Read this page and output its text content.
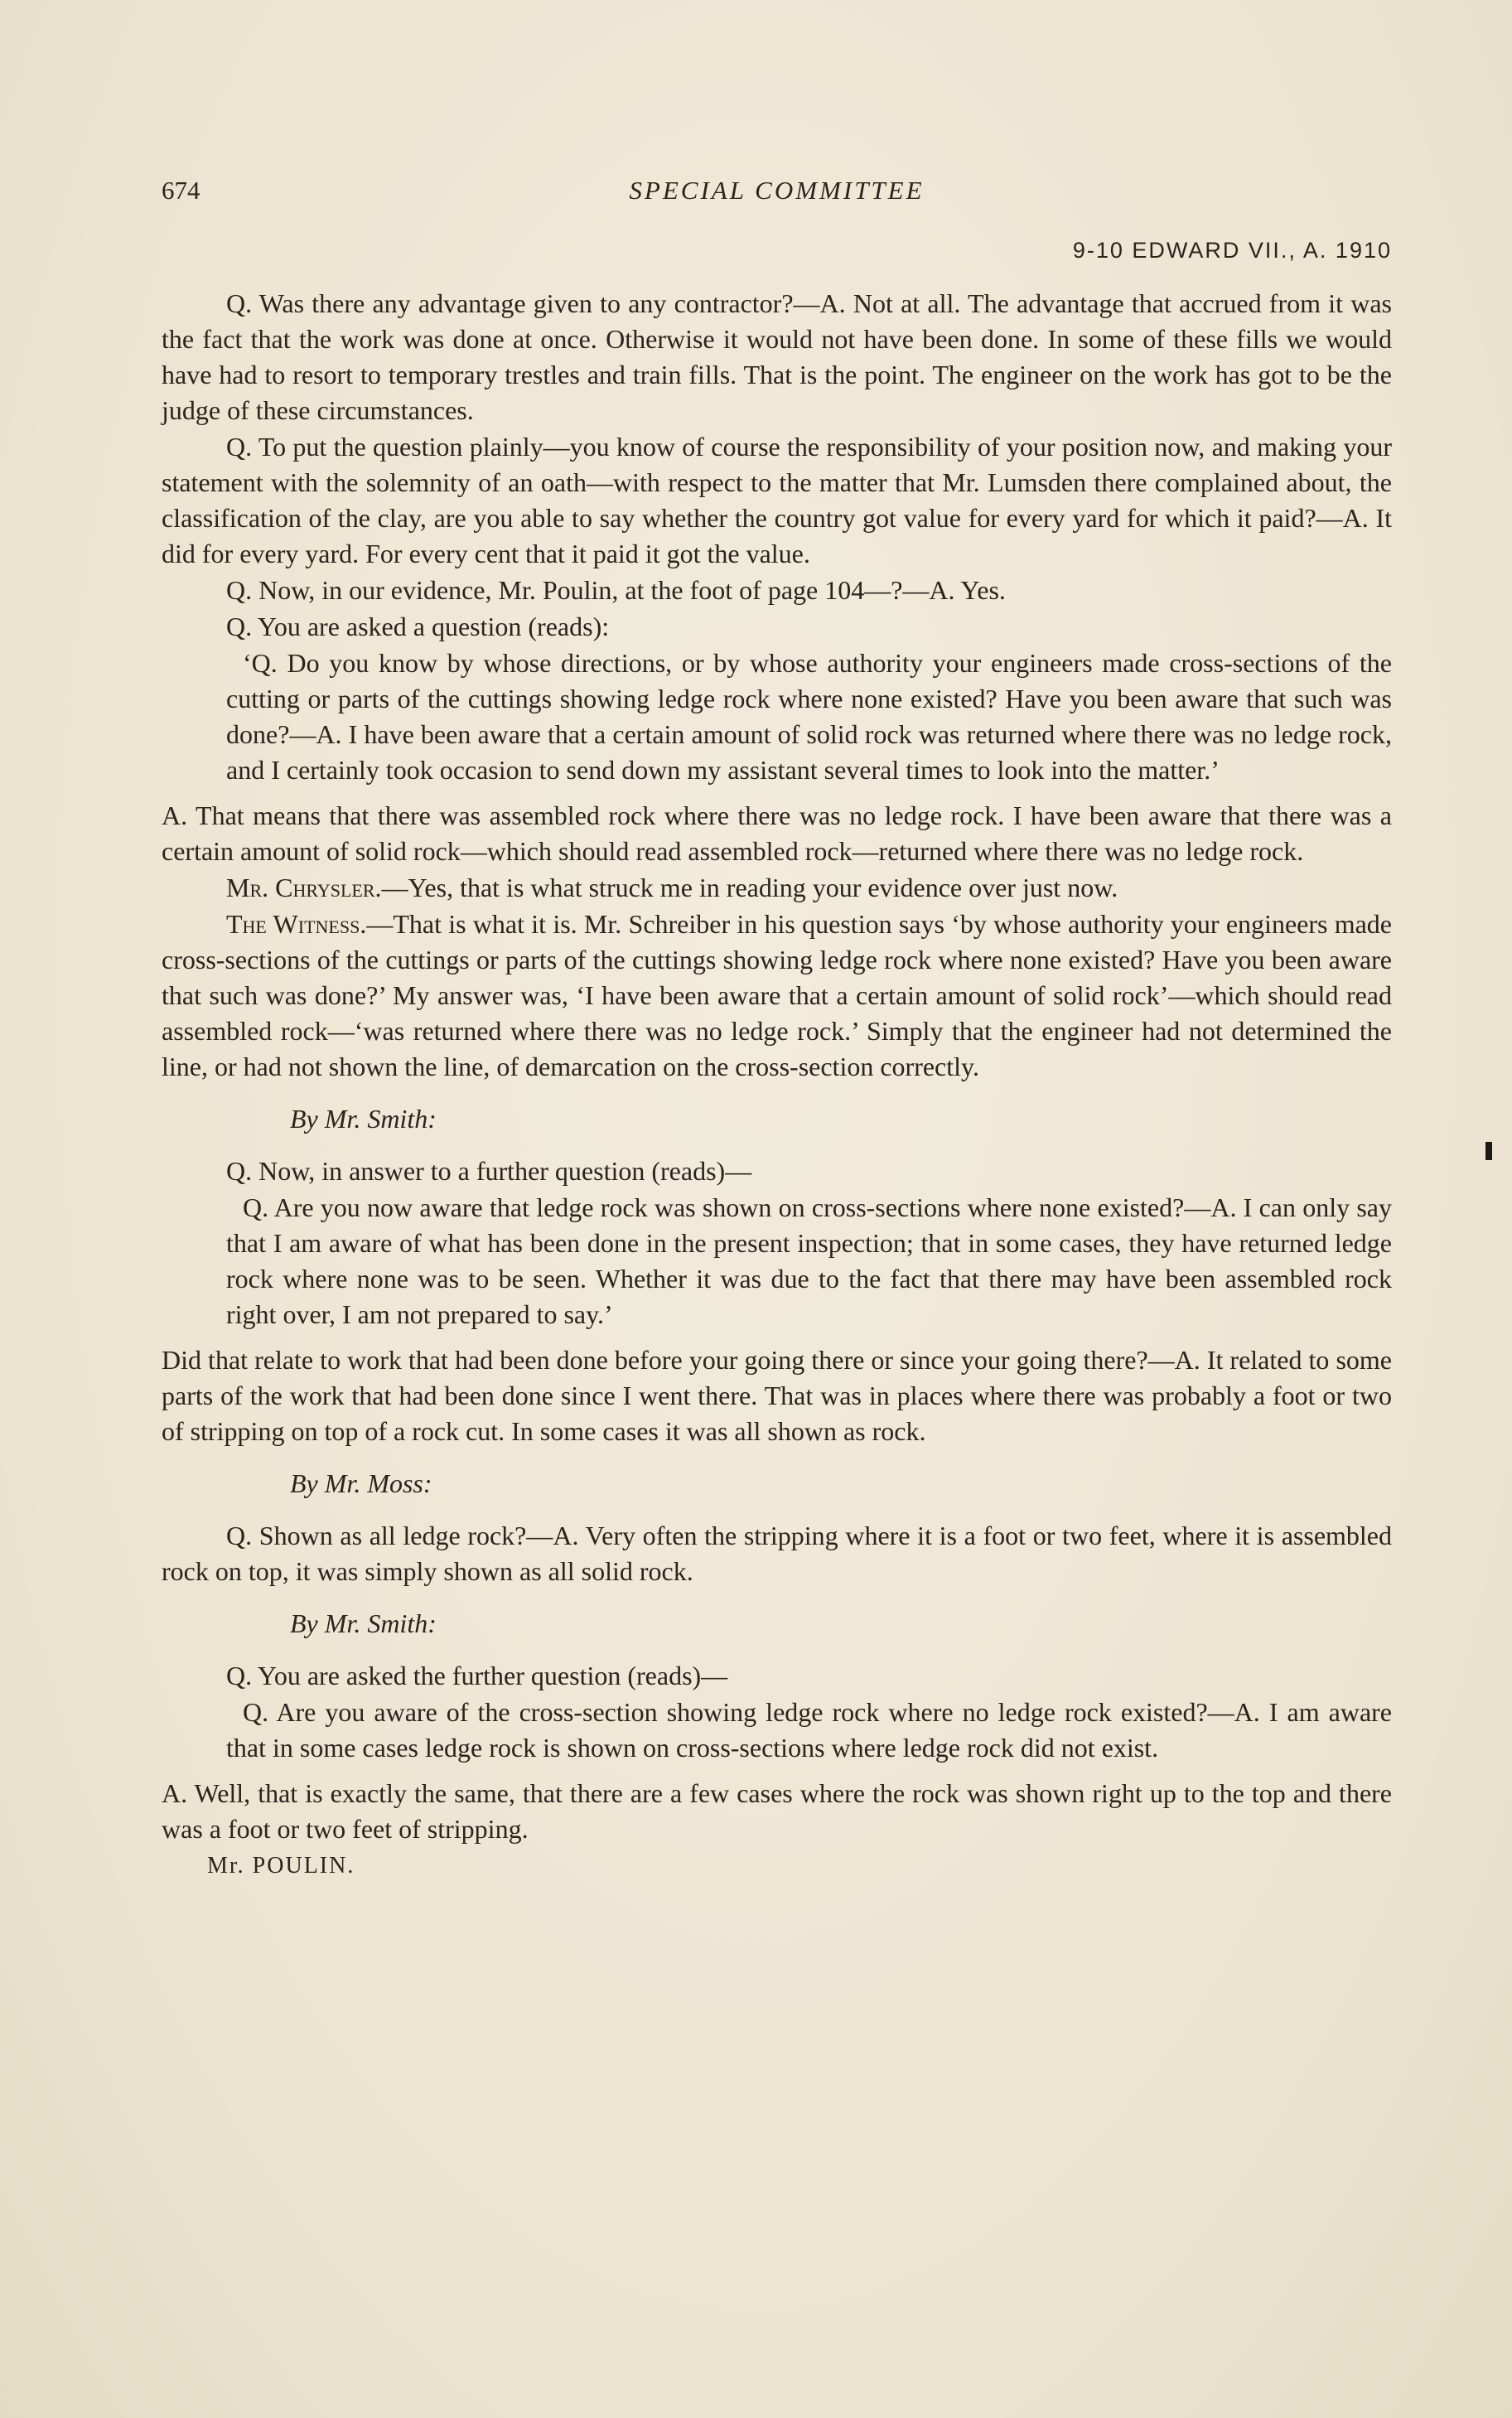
674	SPECIAL COMMITTEE
9-10 EDWARD VII., A. 1910

Q. Was there any advantage given to any contractor?—A. Not at all. The advantage that accrued from it was the fact that the work was done at once. Otherwise it would not have been done. In some of these fills we would have had to resort to temporary trestles and train fills. That is the point. The engineer on the work has got to be the judge of these circumstances.

Q. To put the question plainly—you know of course the responsibility of your position now, and making your statement with the solemnity of an oath—with respect to the matter that Mr. Lumsden there complained about, the classification of the clay, are you able to say whether the country got value for every yard for which it paid?—A. It did for every yard. For every cent that it paid it got the value.

Q. Now, in our evidence, Mr. Poulin, at the foot of page 104—?—A. Yes.

Q. You are asked a question (reads):

‘Q. Do you know by whose directions, or by whose authority your engineers made cross-sections of the cutting or parts of the cuttings showing ledge rock where none existed? Have you been aware that such was done?—A. I have been aware that a certain amount of solid rock was returned where there was no ledge rock, and I certainly took occasion to send down my assistant several times to look into the matter.’

A. That means that there was assembled rock where there was no ledge rock. I have been aware that there was a certain amount of solid rock—which should read assembled rock—returned where there was no ledge rock.

Mr. Chrysler.—Yes, that is what struck me in reading your evidence over just now.

The Witness.—That is what it is. Mr. Schreiber in his question says ‘by whose authority your engineers made cross-sections of the cuttings or parts of the cuttings showing ledge rock where none existed? Have you been aware that such was done?’ My answer was, ‘I have been aware that a certain amount of solid rock’—which should read assembled rock—‘was returned where there was no ledge rock.’ Simply that the engineer had not determined the line, or had not shown the line, of demarcation on the cross-section correctly.

By Mr. Smith:

Q. Now, in answer to a further question (reads)—

Q. Are you now aware that ledge rock was shown on cross-sections where none existed?—A. I can only say that I am aware of what has been done in the present inspection; that in some cases, they have returned ledge rock where none was to be seen. Whether it was due to the fact that there may have been assembled rock right over, I am not prepared to say.’

Did that relate to work that had been done before your going there or since your going there?—A. It related to some parts of the work that had been done since I went there. That was in places where there was probably a foot or two of stripping on top of a rock cut. In some cases it was all shown as rock.

By Mr. Moss:

Q. Shown as all ledge rock?—A. Very often the stripping where it is a foot or two feet, where it is assembled rock on top, it was simply shown as all solid rock.

By Mr. Smith:

Q. You are asked the further question (reads)—

Q. Are you aware of the cross-section showing ledge rock where no ledge rock existed?—A. I am aware that in some cases ledge rock is shown on cross-sections where ledge rock did not exist.

A. Well, that is exactly the same, that there are a few cases where the rock was shown right up to the top and there was a foot or two feet of stripping.

Mr. POULIN.
